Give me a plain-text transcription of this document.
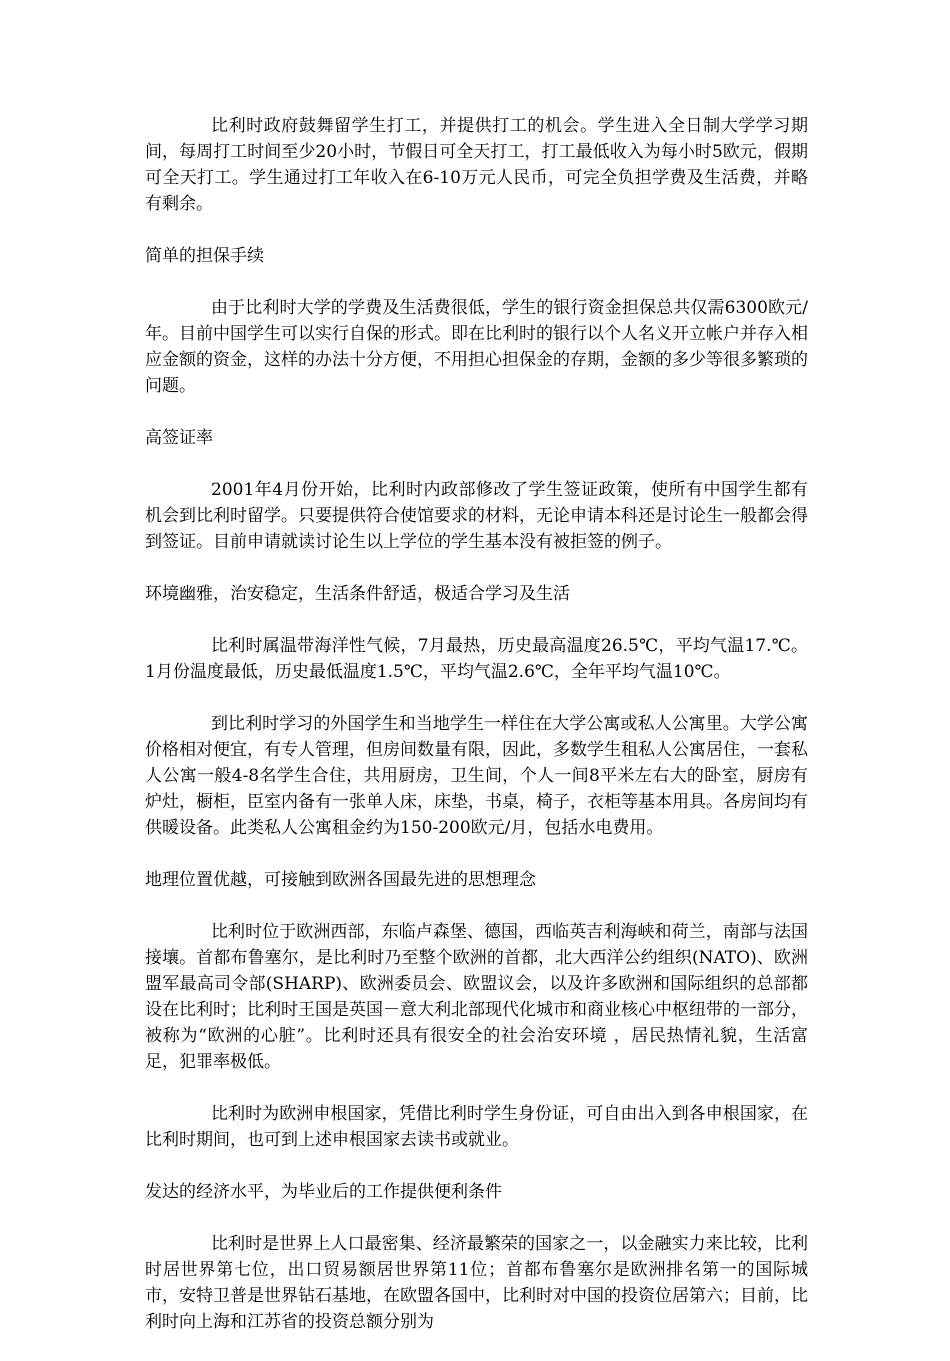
比利时政府鼓舞留学生打工，并提供打工的机会。学生进入全日制大学学习期间，每周打工时间至少20小时，节假日可全天打工，打工最低收入为每小时5欧元，假期可全天打工。学生通过打工年收入在6-10万元人民币，可完全负担学费及生活费，并略有剩余。

简单的担保手续

由于比利时大学的学费及生活费很低，学生的银行资金担保总共仅需6300欧元/年。目前中国学生可以实行自保的形式。即在比利时的银行以个人名义开立帐户并存入相应金额的资金，这样的办法十分方便，不用担心担保金的存期，金额的多少等很多繁琐的问题。

高签证率

2001年4月份开始，比利时内政部修改了学生签证政策，使所有中国学生都有机会到比利时留学。只要提供符合使馆要求的材料，无论申请本科还是讨论生一般都会得到签证。目前申请就读讨论生以上学位的学生基本没有被拒签的例子。

环境幽雅，治安稳定，生活条件舒适，极适合学习及生活

比利时属温带海洋性气候，7月最热，历史最高温度26.5℃，平均气温17.℃。1月份温度最低，历史最低温度1.5℃，平均气温2.6℃，全年平均气温10℃。

到比利时学习的外国学生和当地学生一样住在大学公寓或私人公寓里。大学公寓价格相对便宜，有专人管理，但房间数量有限，因此，多数学生租私人公寓居住，一套私人公寓一般4-8名学生合住，共用厨房，卫生间，个人一间8平米左右大的卧室，厨房有炉灶，橱柜，臣室内备有一张单人床，床垫，书桌，椅子，衣柜等基本用具。各房间均有供暖设备。此类私人公寓租金约为150-200欧元/月，包括水电费用。

地理位置优越，可接触到欧洲各国最先进的思想理念

比利时位于欧洲西部，东临卢森堡、德国，西临英吉利海峡和荷兰，南部与法国接壤。首都布鲁塞尔，是比利时乃至整个欧洲的首都，北大西洋公约组织(NATO)、欧洲盟军最高司令部(SHARP)、欧洲委员会、欧盟议会，以及许多欧洲和国际组织的总部都设在比利时；比利时王国是英国－意大利北部现代化城市和商业核心中枢纽带的一部分，被称为“欧洲的心脏”。比利时还具有很安全的社会治安环境 ，居民热情礼貌，生活富足，犯罪率极低。

比利时为欧洲申根国家，凭借比利时学生身份证，可自由出入到各申根国家，在比利时期间，也可到上述申根国家去读书或就业。

发达的经济水平，为毕业后的工作提供便利条件

比利时是世界上人口最密集、经济最繁荣的国家之一，以金融实力来比较，比利时居世界第七位，出口贸易额居世界第11位；首都布鲁塞尔是欧洲排名第一的国际城市，安特卫普是世界钻石基地，在欧盟各国中，比利时对中国的投资位居第六；目前，比利时向上海和江苏省的投资总额分别为
